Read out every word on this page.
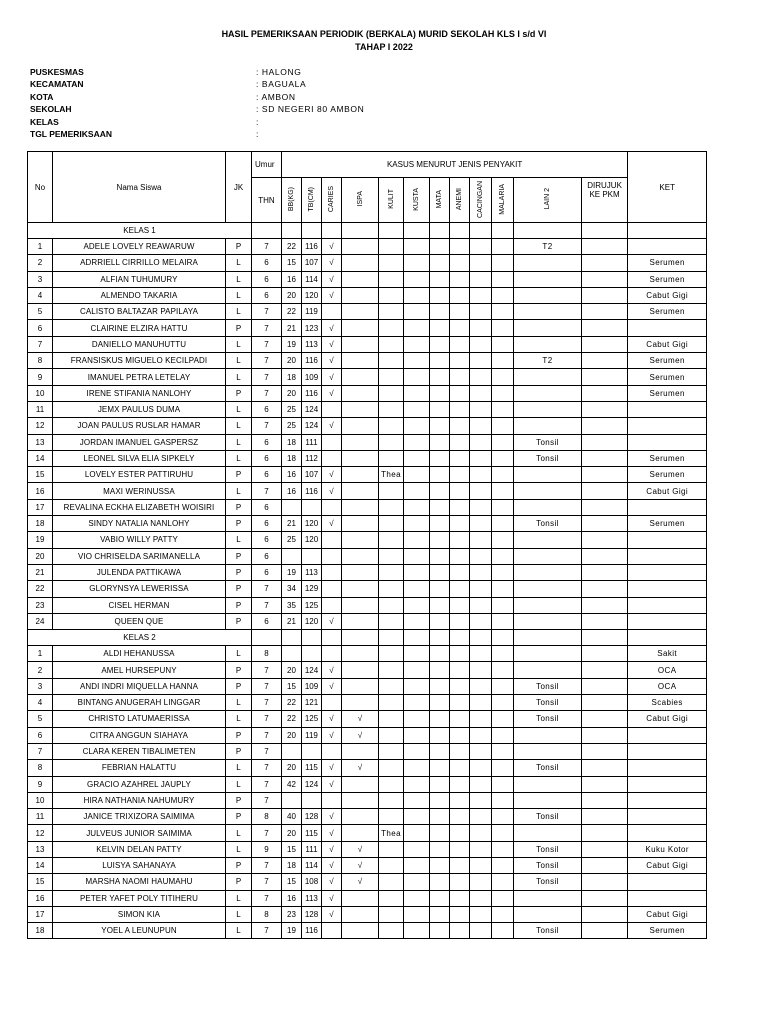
HASIL PEMERIKSAAN PERIODIK (BERKALA) MURID SEKOLAH KLS I s/d VI
TAHAP I 2022
PUSKESMAS	: HALONG
KECAMATAN	: BAGUALA
KOTA	: AMBON
SEKOLAH	: SD NEGERI 80 AMBON
KELAS	:
TGL PEMERIKSAAN	:
No	Nama Siswa	JK	Umur	KASUS MENURUT JENIS PENYAKIT												KET
			THN	BB(KG)	TB(CM)	CARIES	ISPA	KULIT	KUSTA	MATA	ANEMI	CACINGAN	MALARIA	LAIN 2	DIRUJUK KE PKM	
KELAS 1																
1	ADELE LOVELY REAWARUW	P	7	22	116	√								T2		
2	ADRRIELL CIRRILLO MELAIRA	L	6	15	107	√										Serumen
3	ALFIAN TUHUMURY	L	6	16	114	√										Serumen
4	ALMENDO TAKARIA	L	6	20	120	√										Cabut Gigi
5	CALISTO BALTAZAR PAPILAYA	L	7	22	119											Serumen
6	CLAIRINE ELZIRA HATTU	P	7	21	123	√										
7	DANIELLO MANUHUTTU	L	7	19	113	√										Cabut Gigi
8	FRANSISKUS MIGUELO KECILPADI	L	7	20	116	√								T2		Serumen
9	IMANUEL PETRA LETELAY	L	7	18	109	√										Serumen
10	IRENE STIFANIA NANLOHY	P	7	20	116	√										Serumen
11	JEMX PAULUS DUMA	L	6	25	124											
12	JOAN PAULUS RUSLAR HAMAR	L	7	25	124	√										
13	JORDAN IMANUEL GASPERSZ	L	6	18	111									Tonsil		
14	LEONEL SILVA ELIA SIPKELY	L	6	18	112									Tonsil		Serumen
15	LOVELY ESTER PATTIRUHU	P	6	16	107	√		Thea								Serumen
16	MAXI WERINUSSA	L	7	16	116	√										Cabut Gigi
17	REVALINA ECKHA ELIZABETH WOISIRI	P	6													
18	SINDY NATALIA NANLOHY	P	6	21	120	√								Tonsil		Serumen
19	VABIO WILLY PATTY	L	6	25	120											
20	VIO CHRISELDA SARIMANELLA	P	6													
21	JULENDA PATTIKAWA	P	6	19	113											
22	GLORYNSYA LEWERISSA	P	7	34	129											
23	CISEL HERMAN	P	7	35	125											
24	QUEEN QUE	P	6	21	120	√										
KELAS 2																
1	ALDI HEHANUSSA	L	8													Sakit
2	AMEL HURSEPUNY	P	7	20	124	√										OCA
3	ANDI INDRI MIQUELLA HANNA	P	7	15	109	√								Tonsil		OCA
4	BINTANG ANUGERAH LINGGAR	L	7	22	121									Tonsil		Scabies
5	CHRISTO LATUMAERISSA	L	7	22	125	√	√							Tonsil		Cabut Gigi
6	CITRA ANGGUN SIAHAYA	P	7	20	119	√	√									
7	CLARA KEREN TIBALIMETEN	P	7													
8	FEBRIAN HALATTU	L	7	20	115	√	√							Tonsil		
9	GRACIO AZAHREL JAUPLY	L	7	42	124	√										
10	HIRA NATHANIA NAHUMURY	P	7													
11	JANICE TRIXIZORA SAIMIMA	P	8	40	128	√								Tonsil		
12	JULVEUS JUNIOR SAIMIMA	L	7	20	115	√		Thea								
13	KELVIN DELAN PATTY	L	9	15	111	√	√							Tonsil		Kuku Kotor
14	LUISYA SAHANAYA	P	7	18	114	√	√							Tonsil		Cabut Gigi
15	MARSHA NAOMI HAUMAHU	P	7	15	108	√	√							Tonsil		
16	PETER YAFET POLY TITIHERU	L	7	16	113	√										
17	SIMON KIA	L	8	23	128	√										Cabut Gigi
18	YOEL A LEUNUPUN	L	7	19	116									Tonsil		Serumen
